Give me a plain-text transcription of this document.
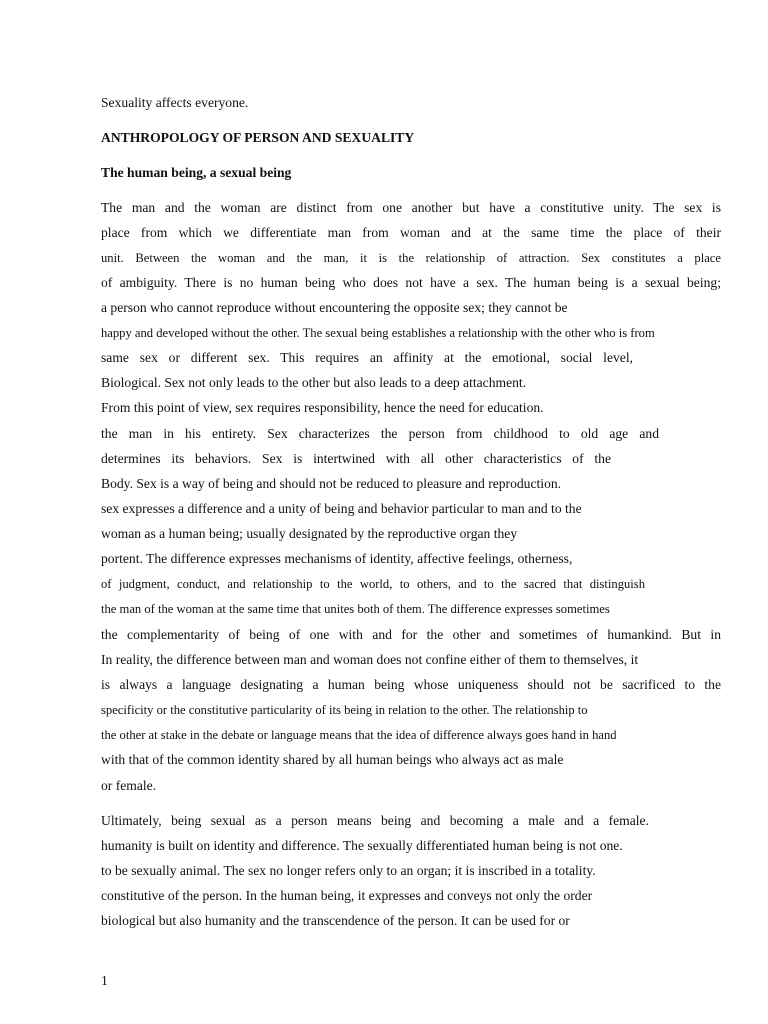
Sexuality affects everyone.
ANTHROPOLOGY OF PERSON AND SEXUALITY
The human being, a sexual being
The man and the woman are distinct from one another but have a constitutive unity. The sex is
place from which we differentiate man from woman and at the same time the place of their
unit. Between the woman and the man, it is the relationship of attraction. Sex constitutes a place
of ambiguity. There is no human being who does not have a sex. The human being is a sexual being;
a person who cannot reproduce without encountering the opposite sex; they cannot be
happy and developed without the other. The sexual being establishes a relationship with the other who is from
same sex or different sex. This requires an affinity at the emotional, social level,
Biological. Sex not only leads to the other but also leads to a deep attachment.
From this point of view, sex requires responsibility, hence the need for education.
the man in his entirety. Sex characterizes the person from childhood to old age and
determines its behaviors. Sex is intertwined with all other characteristics of the
Body. Sex is a way of being and should not be reduced to pleasure and reproduction.
sex expresses a difference and a unity of being and behavior particular to man and to the
woman as a human being; usually designated by the reproductive organ they
portent. The difference expresses mechanisms of identity, affective feelings, otherness,
of judgment, conduct, and relationship to the world, to others, and to the sacred that distinguish
the man of the woman at the same time that unites both of them. The difference expresses sometimes
the complementarity of being of one with and for the other and sometimes of humankind. But in
In reality, the difference between man and woman does not confine either of them to themselves, it
is always a language designating a human being whose uniqueness should not be sacrificed to the
specificity or the constitutive particularity of its being in relation to the other. The relationship to
the other at stake in the debate or language means that the idea of difference always goes hand in hand
with that of the common identity shared by all human beings who always act as male
or female.
Ultimately, being sexual as a person means being and becoming a male and a female.
humanity is built on identity and difference. The sexually differentiated human being is not one.
to be sexually animal. The sex no longer refers only to an organ; it is inscribed in a totality.
constitutive of the person. In the human being, it expresses and conveys not only the order
biological but also humanity and the transcendence of the person. It can be used for or
1
